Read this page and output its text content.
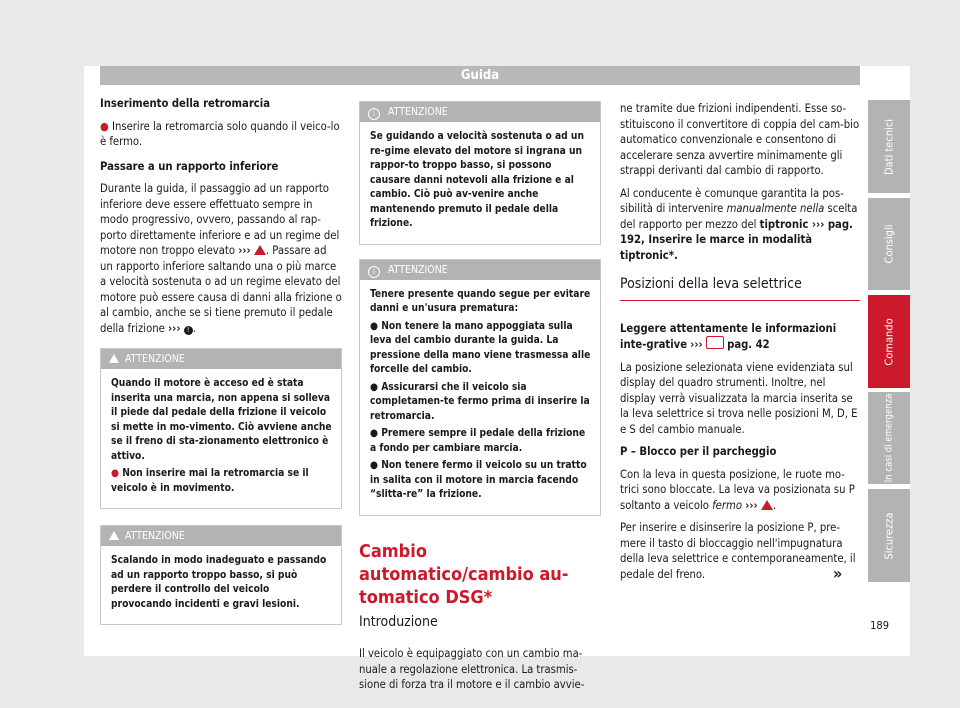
Guida

Inserimento della retromarcia

● Inserire la retromarcia solo quando il veico-lo è fermo.

Passare a un rapporto inferiore

Durante la guida, il passaggio ad un rapporto inferiore deve essere effettuato sempre in modo progressivo, ovvero, passando al rap-porto direttamente inferiore e ad un regime del motore non troppo elevato ››› . Passare ad un rapporto inferiore saltando una o più marce a velocità sostenuta o ad un regime elevato del motore può essere causa di danni alla frizione o al cambio, anche se si tiene premuto il pedale della frizione ››› ! .

ATTENZIONE

Quando il motore è acceso ed è stata inserita una marcia, non appena si solleva il piede dal pedale della frizione il veicolo si mette in mo-vimento. Ciò avviene anche se il freno di sta-zionamento elettronico è attivo.

● Non inserire mai la retromarcia se il veicolo è in movimento.

ATTENZIONE

Scalando in modo inadeguato e passando ad un rapporto troppo basso, si può perdere il controllo del veicolo provocando incidenti e gravi lesioni.

i ATTENZIONE

Se guidando a velocità sostenuta o ad un re-gime elevato del motore si ingrana un rappor-to troppo basso, si possono causare danni notevoli alla frizione e al cambio. Ciò può av-venire anche mantenendo premuto il pedale della frizione.

i ATTENZIONE

Tenere presente quando segue per evitare danni e un'usura prematura:

● Non tenere la mano appoggiata sulla leva del cambio durante la guida. La pressione della mano viene trasmessa alle forcelle del cambio.

● Assicurarsi che il veicolo sia completamen-te fermo prima di inserire la retromarcia.

● Premere sempre il pedale della frizione a fondo per cambiare marcia.

● Non tenere fermo il veicolo su un tratto in salita con il motore in marcia facendo “slitta-re” la frizione.

Cambio automatico/cambio au-tomatico DSG*
Introduzione

Il veicolo è equipaggiato con un cambio ma-nuale a regolazione elettronica. La trasmis-sione di forza tra il motore e il cambio avvie-

ne tramite due frizioni indipendenti. Esse so-stituiscono il convertitore di coppia del cam-bio automatico convenzionale e consentono di accelerare senza avvertire minimamente gli strappi derivanti dal cambio di rapporto.

Al conducente è comunque garantita la pos-sibilità di intervenire manualmente nella scelta del rapporto per mezzo del tiptronic ››› pag. 192, Inserire le marce in modalità tiptronic*.

Posizioni della leva selettrice

Leggere attentamente le informazioni inte-grative ››› pag. 42

La posizione selezionata viene evidenziata sul display del quadro strumenti. Inoltre, nel display verrà visualizzata la marcia inserita se la leva selettrice si trova nelle posizioni M, D, E e S del cambio manuale.

P – Blocco per il parcheggio

Con la leva in questa posizione, le ruote mo-trici sono bloccate. La leva va posizionata su P soltanto a veicolo fermo ››› .

Per inserire e disinserire la posizione P, pre-mere il tasto di bloccaggio nell'impugnatura della leva selettrice e contemporaneamente, il pedale del freno.	»
Dati tecnici
Consigli
Comando
In casi di emergenza
Sicurezza
189
